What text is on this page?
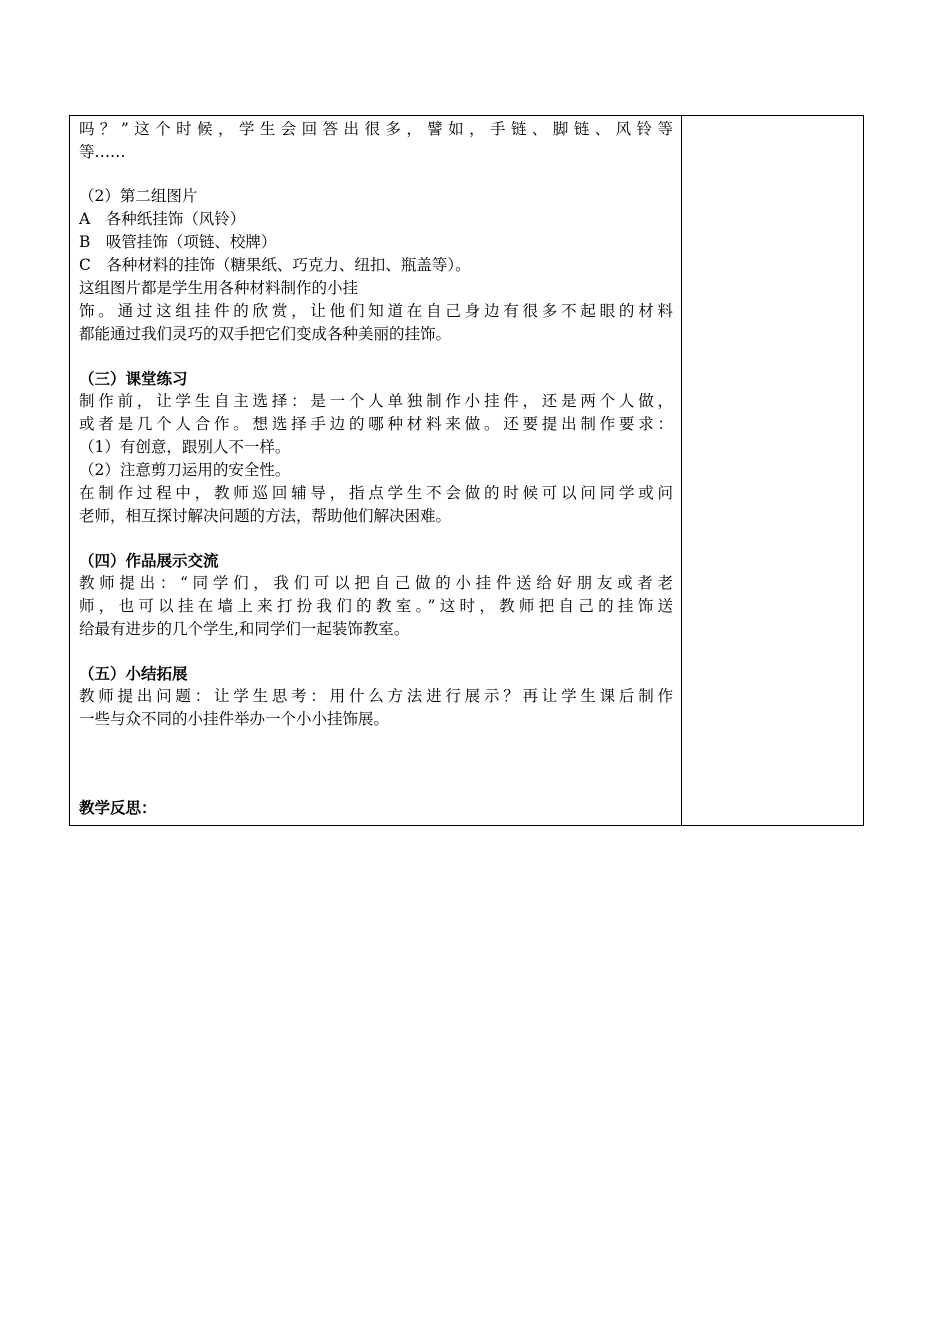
吗？”这个时候，学生会回答出很多，譬如，手链、脚链、风铃等
等……
（2）第二组图片
A　各种纸挂饰（风铃）
B　吸管挂饰（项链、校牌）
C　各种材料的挂饰（糖果纸、巧克力、纽扣、瓶盖等）。
这组图片都是学生用各种材料制作的小挂
饰。通过这组挂件的欣赏，让他们知道在自己身边有很多不起眼的材料
都能通过我们灵巧的双手把它们变成各种美丽的挂饰。
（三）课堂练习
制作前，让学生自主选择：是一个人单独制作小挂件，还是两个人做，
或者是几个人合作。想选择手边的哪种材料来做。还要提出制作要求：
（1）有创意，跟别人不一样。
（2）注意剪刀运用的安全性。
在制作过程中，教师巡回辅导，指点学生不会做的时候可以问同学或问
老师，相互探讨解决问题的方法，帮助他们解决困难。
（四）作品展示交流
教师提出：“同学们，我们可以把自己做的小挂件送给好朋友或者老
师，也可以挂在墙上来打扮我们的教室。”这时，教师把自己的挂饰送
给最有进步的几个学生,和同学们一起装饰教室。
（五）小结拓展
教师提出问题：让学生思考：用什么方法进行展示？再让学生课后制作
一些与众不同的小挂件举办一个小小挂饰展。
教学反思：
